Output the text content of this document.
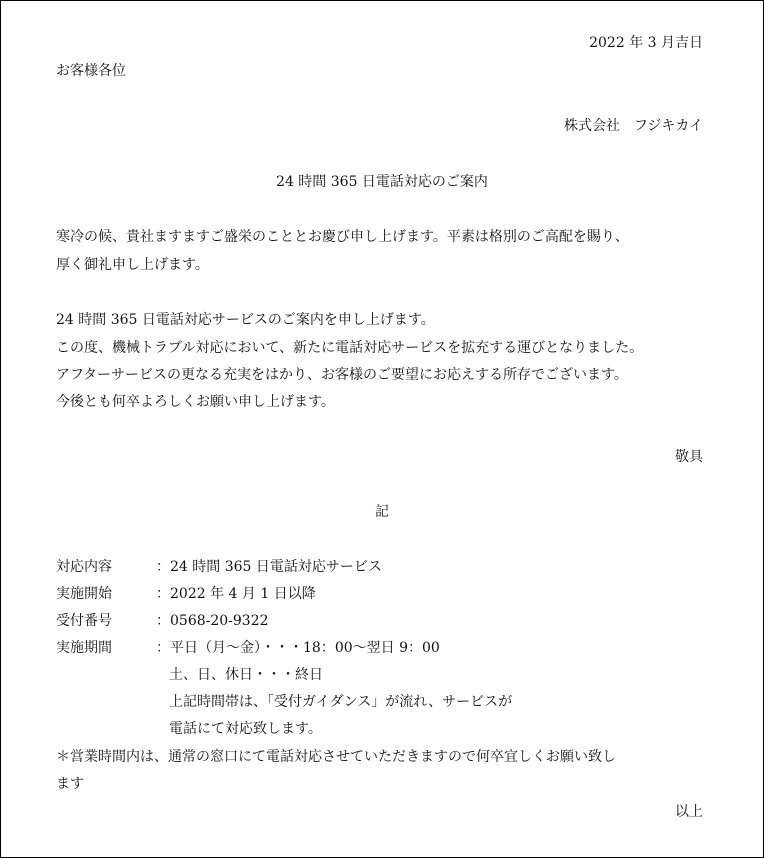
2022 年 3 月吉日
お客様各位
株式会社　フジキカイ
24 時間 365 日電話対応のご案内
寒冷の候、貴社ますますご盛栄のこととお慶び申し上げます。平素は格別のご高配を賜り、
厚く御礼申し上げます。
24 時間 365 日電話対応サービスのご案内を申し上げます。
この度、機械トラブル対応において、新たに電話対応サービスを拡充する運びとなりました。
アフターサービスの更なる充実をはかり、お客様のご要望にお応えする所存でございます。
今後とも何卒よろしくお願い申し上げます。
敬具
記
対応内容	：24 時間 365 日電話対応サービス
実施開始	：2022 年 4 月 1 日以降
受付番号	：0568-20-9322
実施期間	：平日（月～金）・・・18：00～翌日 9：00
土、日、休日・・・終日
上記時間帯は、「受付ガイダンス」が流れ、サービスが
電話にて対応致します。
＊営業時間内は、通常の窓口にて電話対応させていただきますので何卒宜しくお願い致し
ます
以上
